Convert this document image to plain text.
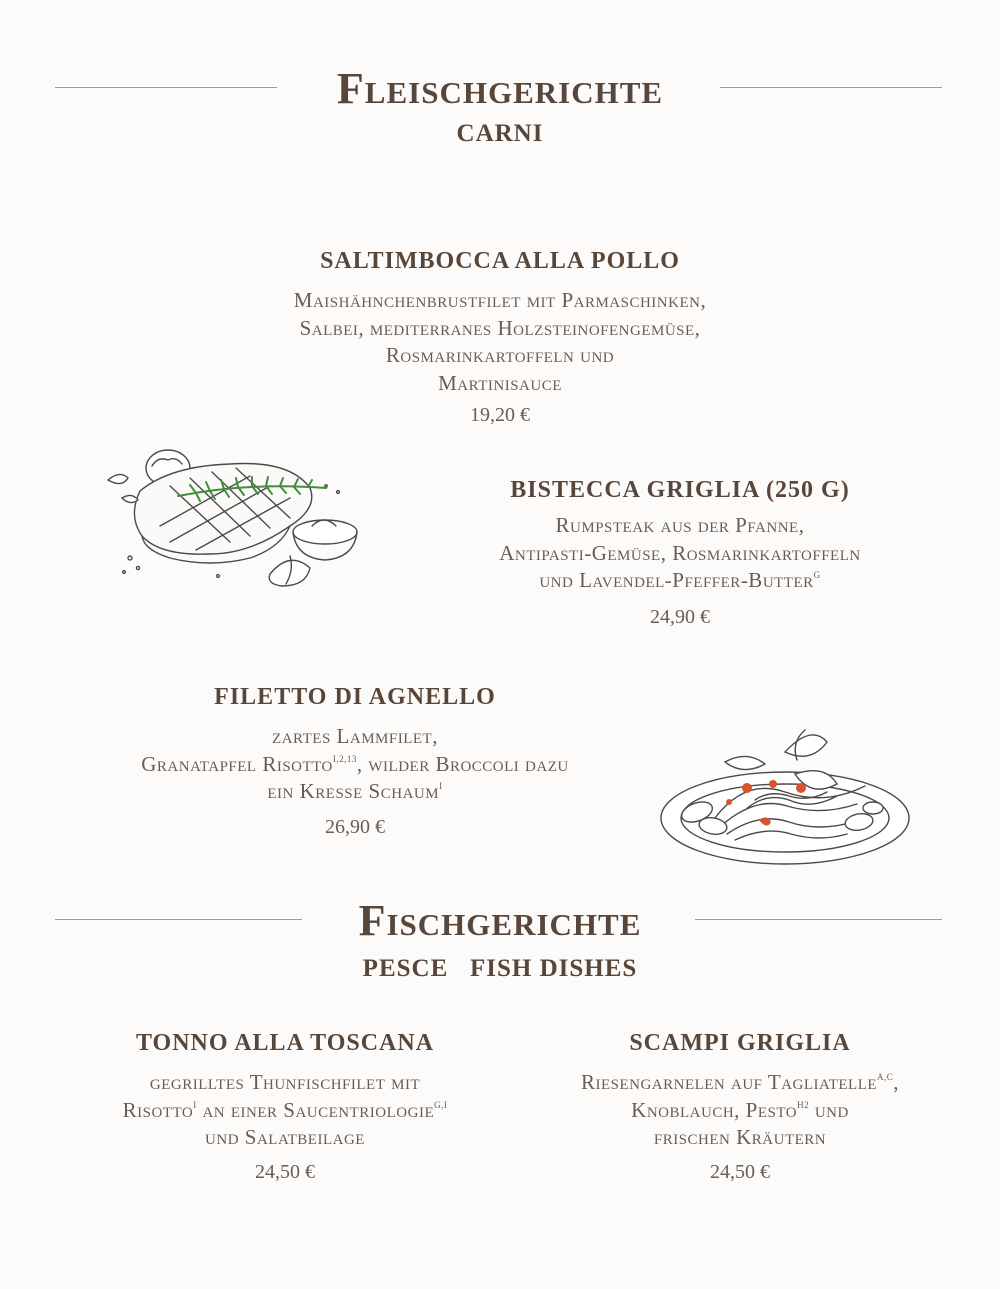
Fleischgerichte
CARNI
SALTIMBOCCA ALLA POLLO
Maishähnchenbrustfilet mit Parmaschinken,
Salbei, mediterranes Holzsteinofengemüse,
Rosmarinkartoffeln und
Martinisauce
19,20 €
BISTECCA GRIGLIA (250 G)
Rumpsteak aus der Pfanne,
Antipasti-Gemüse, Rosmarinkartoffeln
und Lavendel-Pfeffer-Butter$^G$
24,90 €
FILETTO DI AGNELLO
zartes Lammfilet,
Granatapfel Risotto$^{I,2,13}$, wilder Broccoli dazu
ein Kresse Schaum$^I$
26,90 €
Fischgerichte
PESCE   FISH DISHES
TONNO ALLA TOSCANA
gegrilltes Thunfischfilet mit
Risotto$^I$ an einer Saucentriologie$^{G,I}$
und Salatbeilage
24,50 €
SCAMPI GRIGLIA
Riesengarnelen auf Tagliatelle$^{A,C}$,
Knoblauch, Pesto$^{H2}$ und
frischen Kräutern
24,50 €
